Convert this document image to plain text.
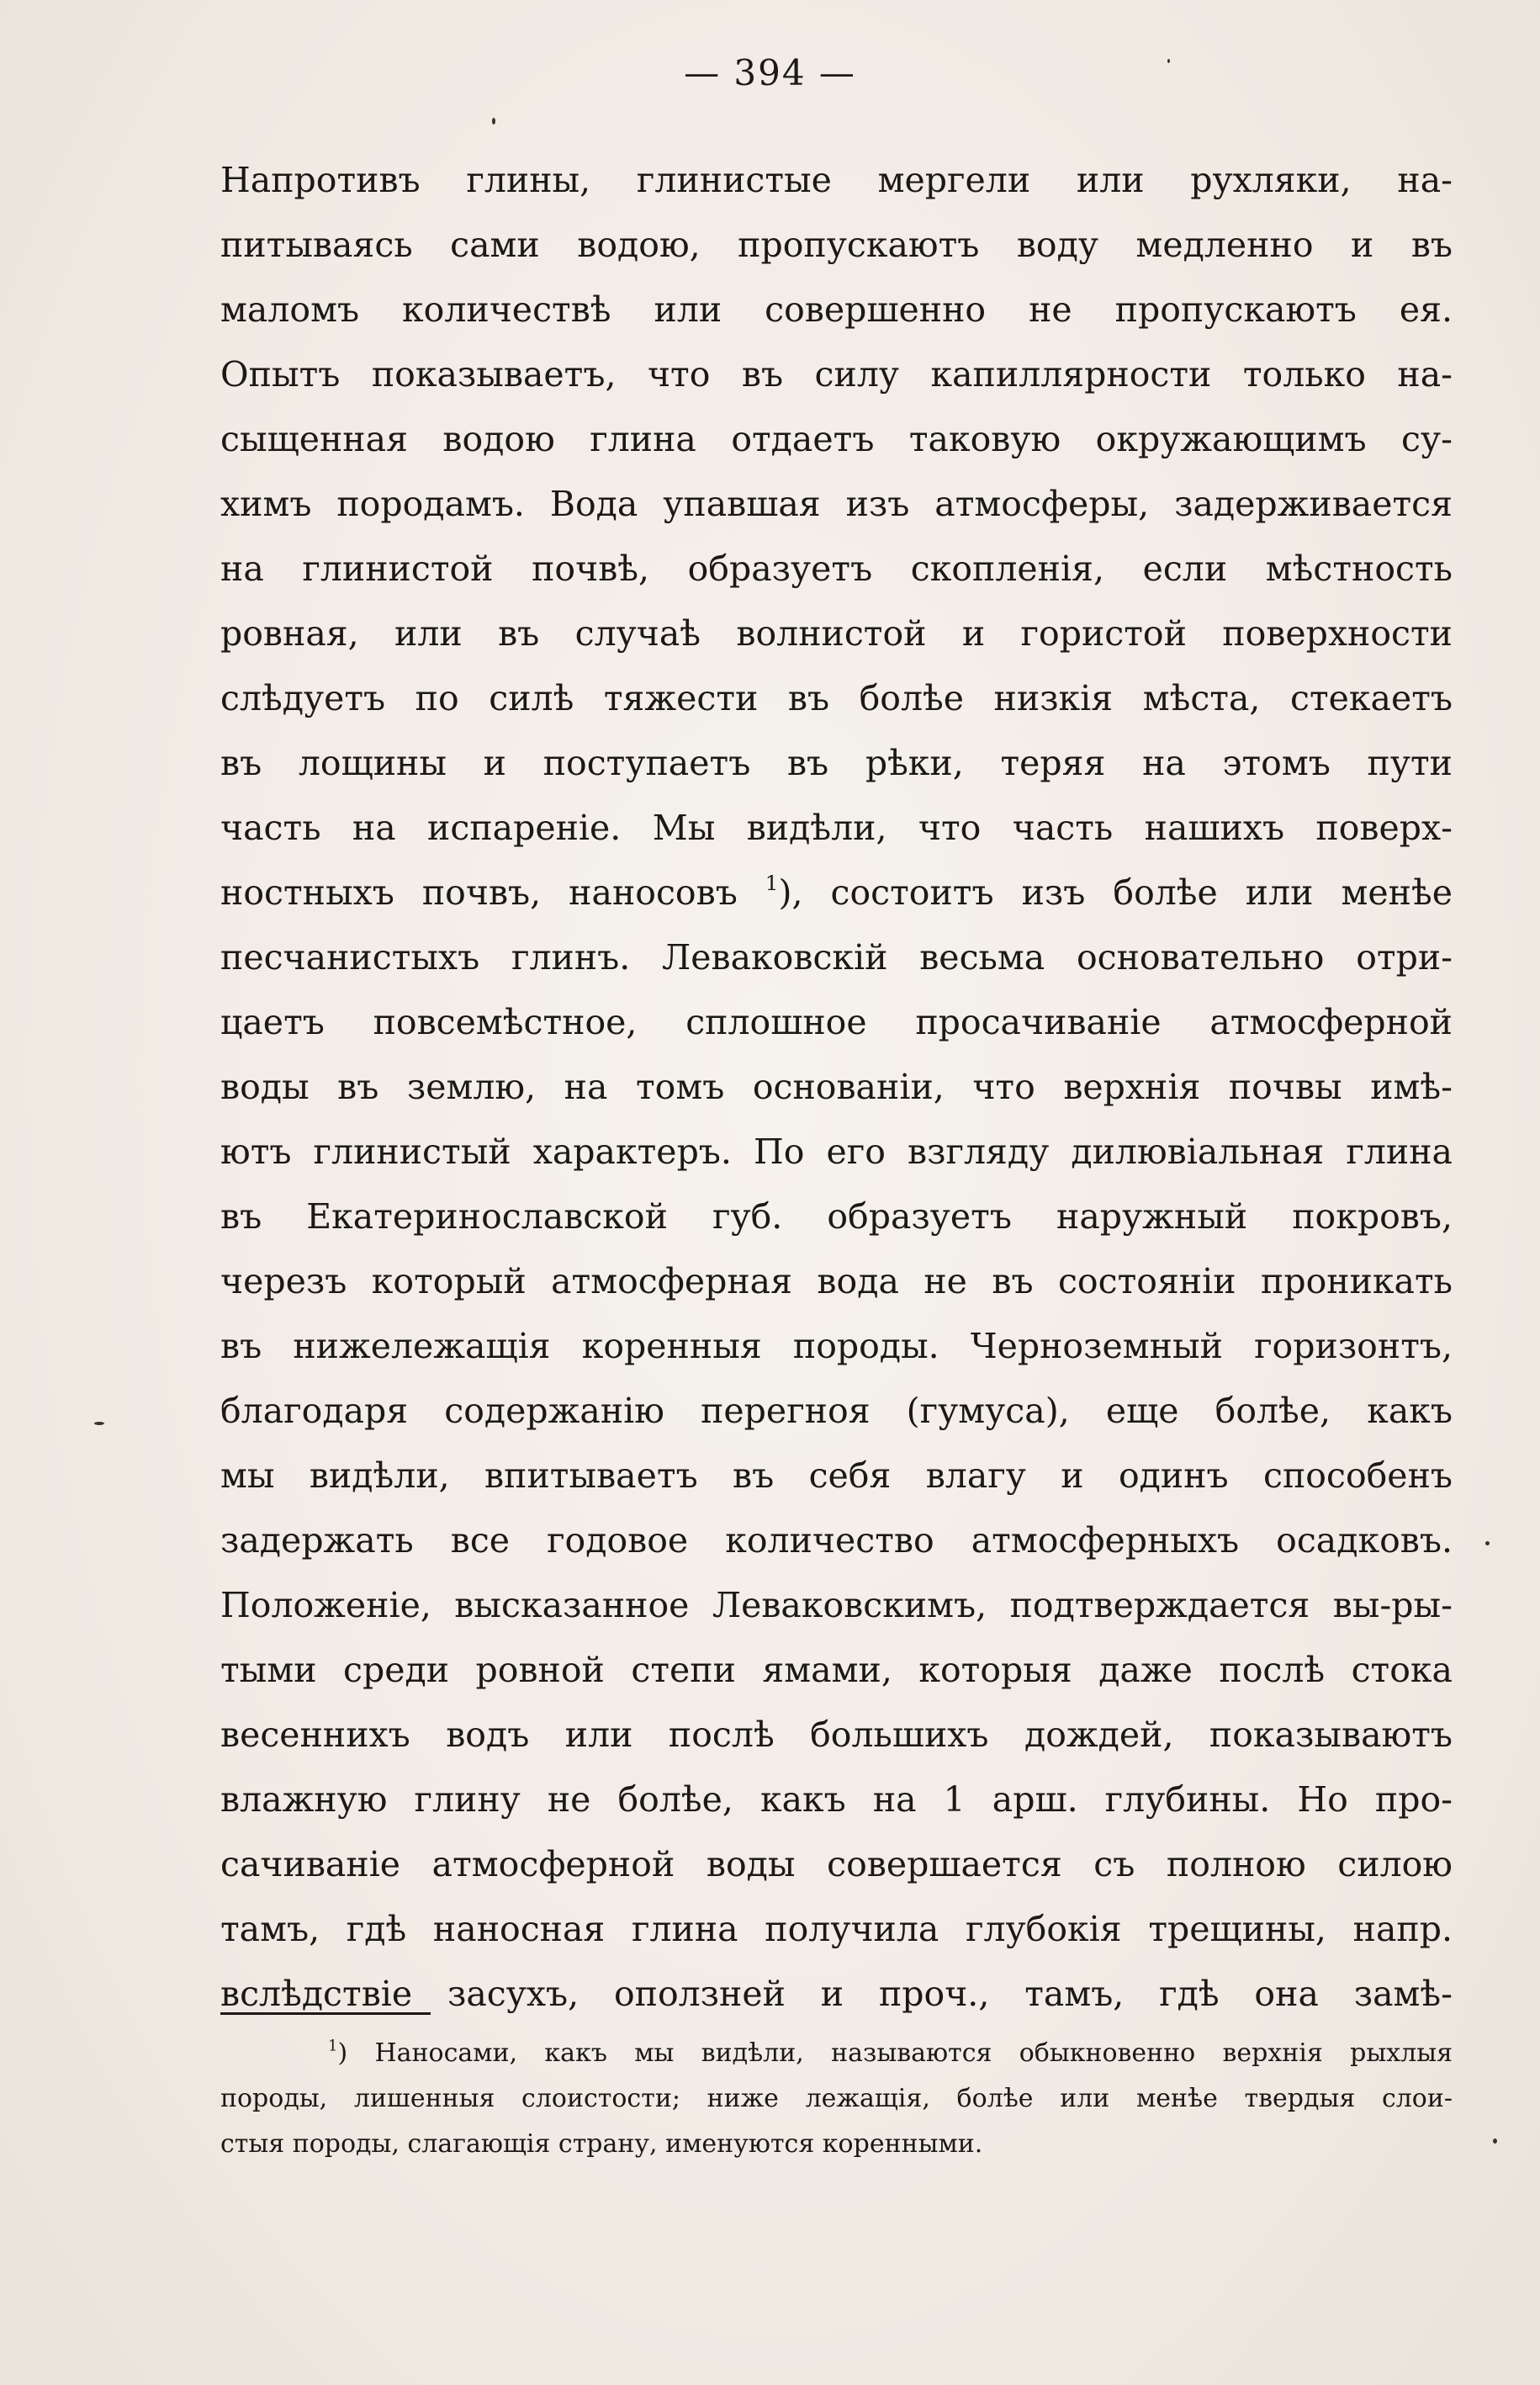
— 394 —
Напротивъ глины, глинистые мергели или рухляки, на-
питываясь сами водою, пропускаютъ воду медленно и въ
маломъ количествѣ или совершенно не пропускаютъ ея.
Опытъ показываетъ, что въ силу капиллярности только на-
сыщенная водою глина отдаетъ таковую окружающимъ су-
химъ породамъ. Вода упавшая изъ атмосферы, задерживается
на глинистой почвѣ, образуетъ скопленія, если мѣстность
ровная, или въ случаѣ волнистой и гористой поверхности
слѣдуетъ по силѣ тяжести въ болѣе низкія мѣста, стекаетъ
въ лощины и поступаетъ въ рѣки, теряя на этомъ пути
часть на испареніе. Мы видѣли, что часть нашихъ поверх-
ностныхъ почвъ, наносовъ $^1$), состоитъ изъ болѣе или менѣе
песчанистыхъ глинъ. Леваковскій весьма основательно отри-
цаетъ повсемѣстное, сплошное просачиваніе атмосферной
воды въ землю, на томъ основаніи, что верхнія почвы имѣ-
ютъ глинистый характеръ. По его взгляду дилювіальная глина
въ Екатеринославской губ. образуетъ наружный покровъ,
черезъ который атмосферная вода не въ состояніи проникать
въ нижележащія коренныя породы. Черноземный горизонтъ,
благодаря содержанію перегноя (гумуса), еще болѣе, какъ
мы видѣли, впитываетъ въ себя влагу и одинъ способенъ
задержать все годовое количество атмосферныхъ осадковъ.
Положеніе, высказанное Леваковскимъ, подтверждается вы-ры-
тыми среди ровной степи ямами, которыя даже послѣ стока
весеннихъ водъ или послѣ большихъ дождей, показываютъ
влажную глину не болѣе, какъ на 1 арш. глубины. Но про-
сачиваніе атмосферной воды совершается съ полною силою
тамъ, гдѣ наносная глина получила глубокія трещины, напр.
вслѣдствіе засухъ, оползней и проч., тамъ, гдѣ она замѣ-
$^1$) Наносами, какъ мы видѣли, называются обыкновенно верхнія рыхлыя
породы, лишенныя слоистости; ниже лежащія, болѣе или менѣе твердыя слои-
стыя породы, слагающія страну, именуются коренными.
